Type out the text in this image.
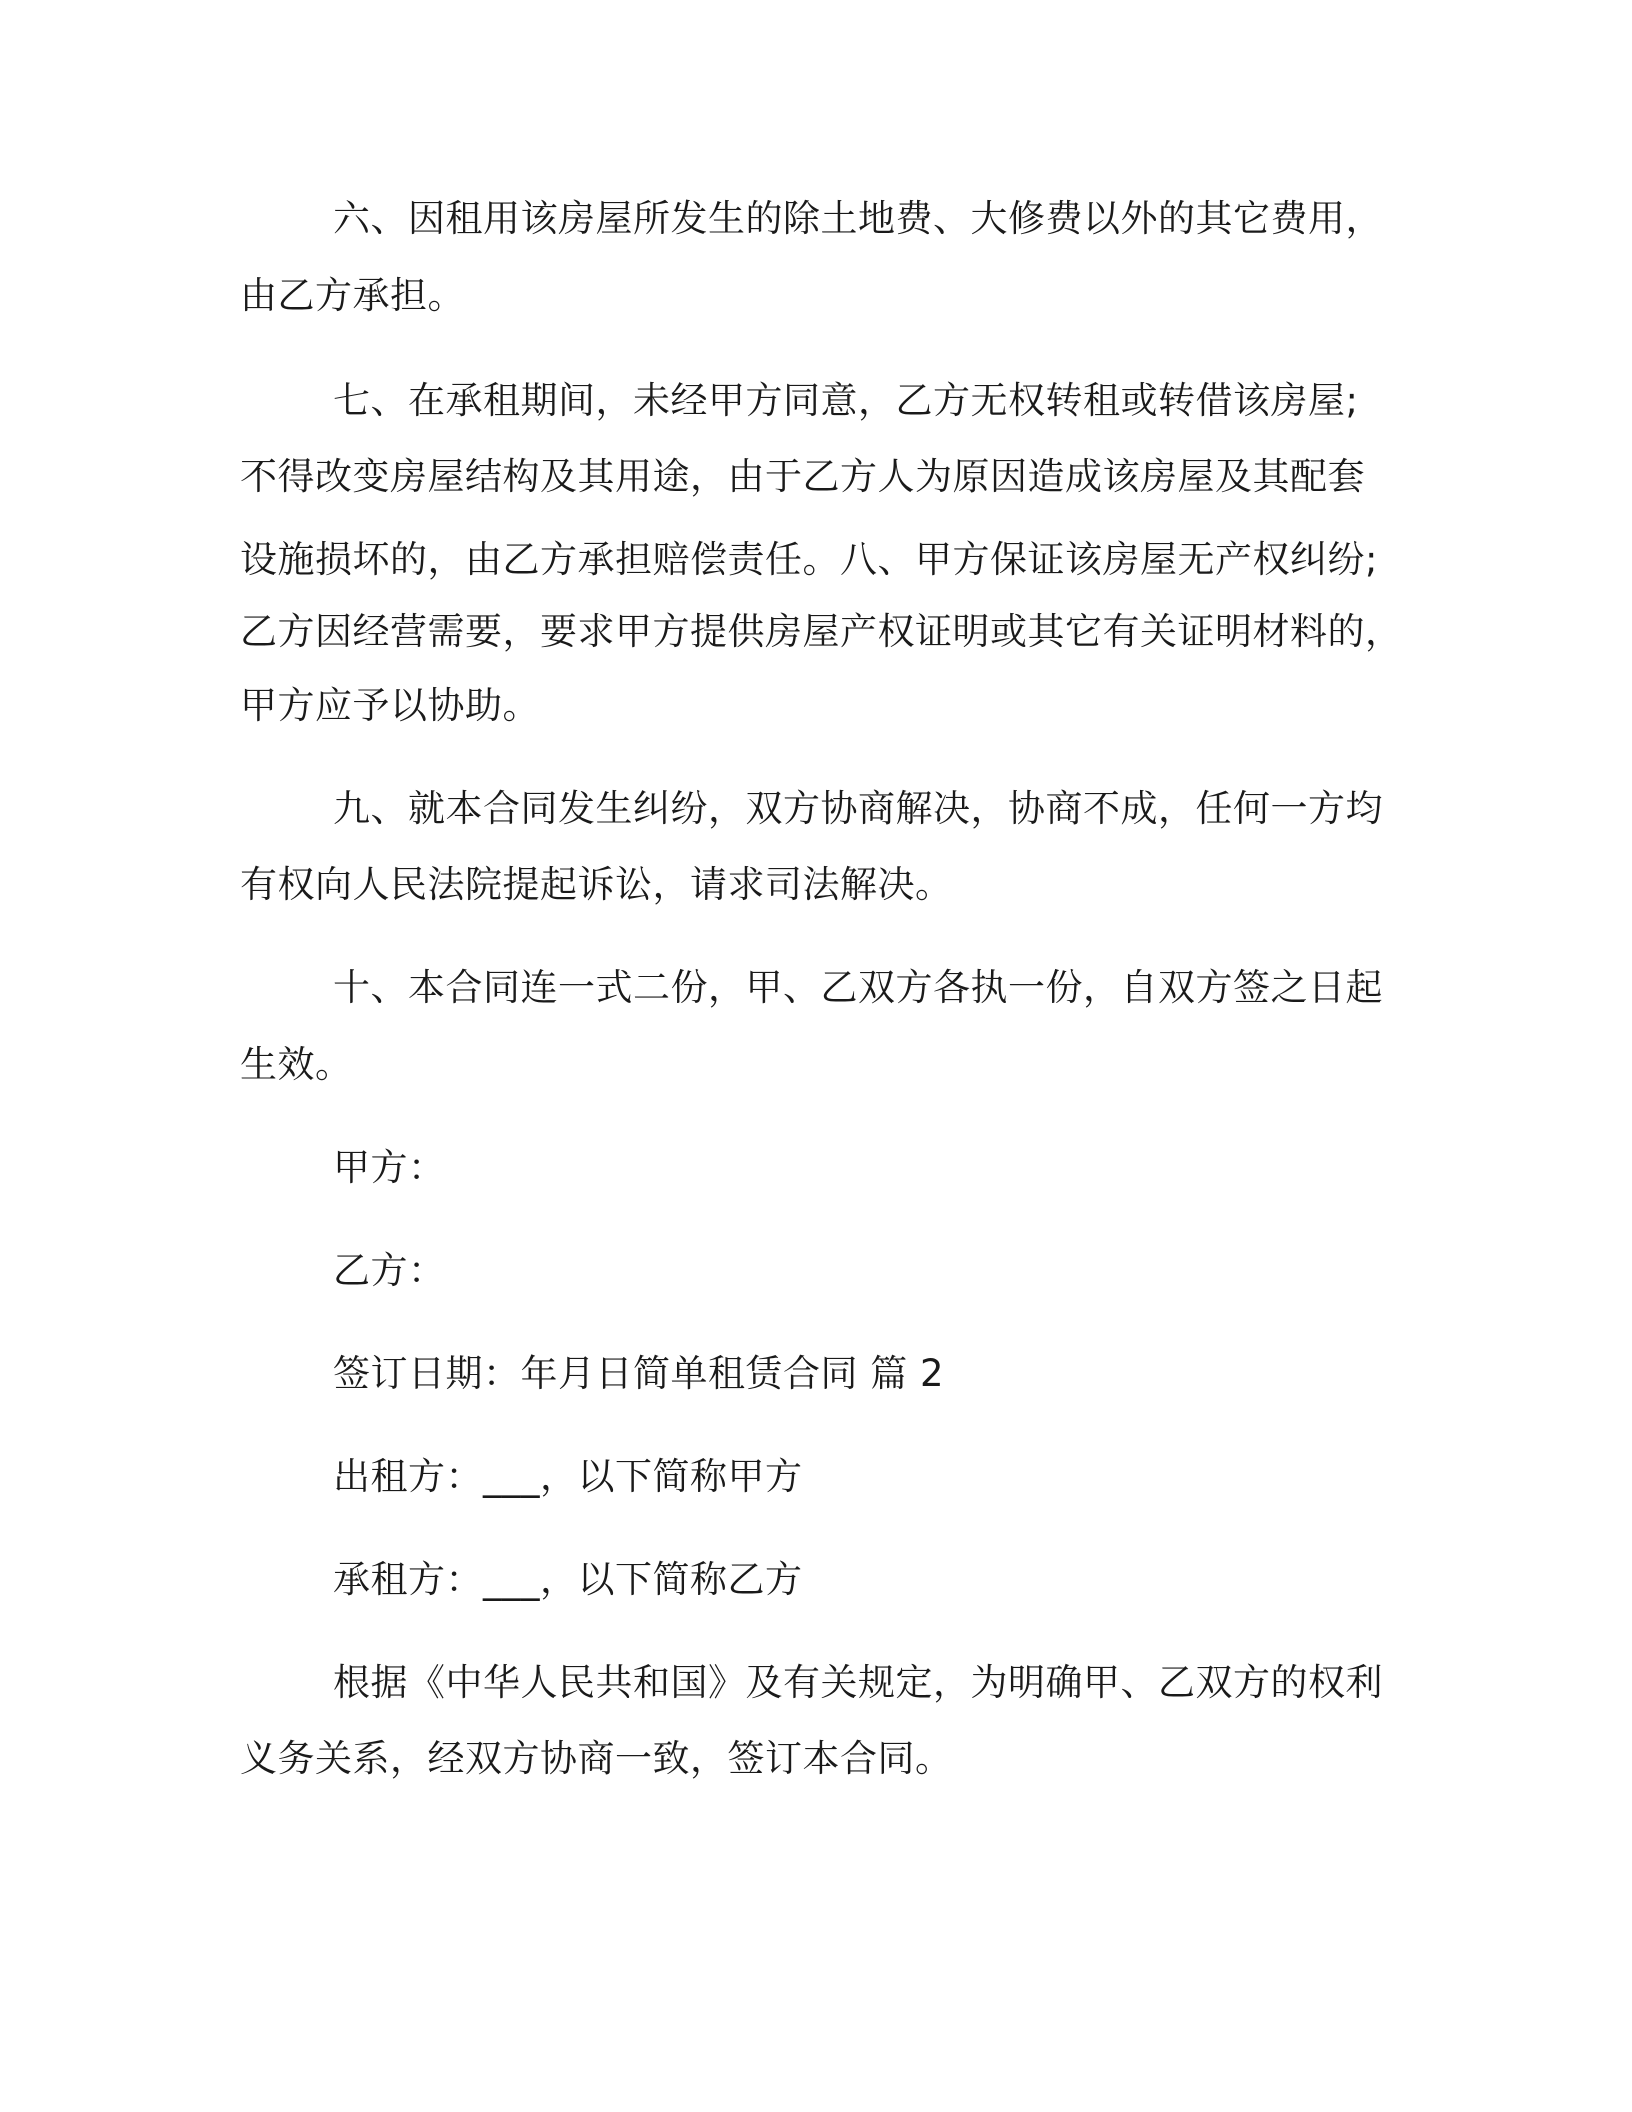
六、因租用该房屋所发生的除土地费、大修费以外的其它费用，
由乙方承担。
七、在承租期间，未经甲方同意，乙方无权转租或转借该房屋;
不得改变房屋结构及其用途，由于乙方人为原因造成该房屋及其配套
设施损坏的，由乙方承担赔偿责任。八、甲方保证该房屋无产权纠纷;
乙方因经营需要，要求甲方提供房屋产权证明或其它有关证明材料的，
甲方应予以协助。
九、就本合同发生纠纷，双方协商解决，协商不成，任何一方均
有权向人民法院提起诉讼，请求司法解决。
十、本合同连一式二份，甲、乙双方各执一份，自双方签之日起
生效。
甲方：
乙方：
签订日期：年月日简单租赁合同 篇 2
出租方：___，以下简称甲方
承租方：___，以下简称乙方
根据《中华人民共和国》及有关规定，为明确甲、乙双方的权利
义务关系，经双方协商一致，签订本合同。
